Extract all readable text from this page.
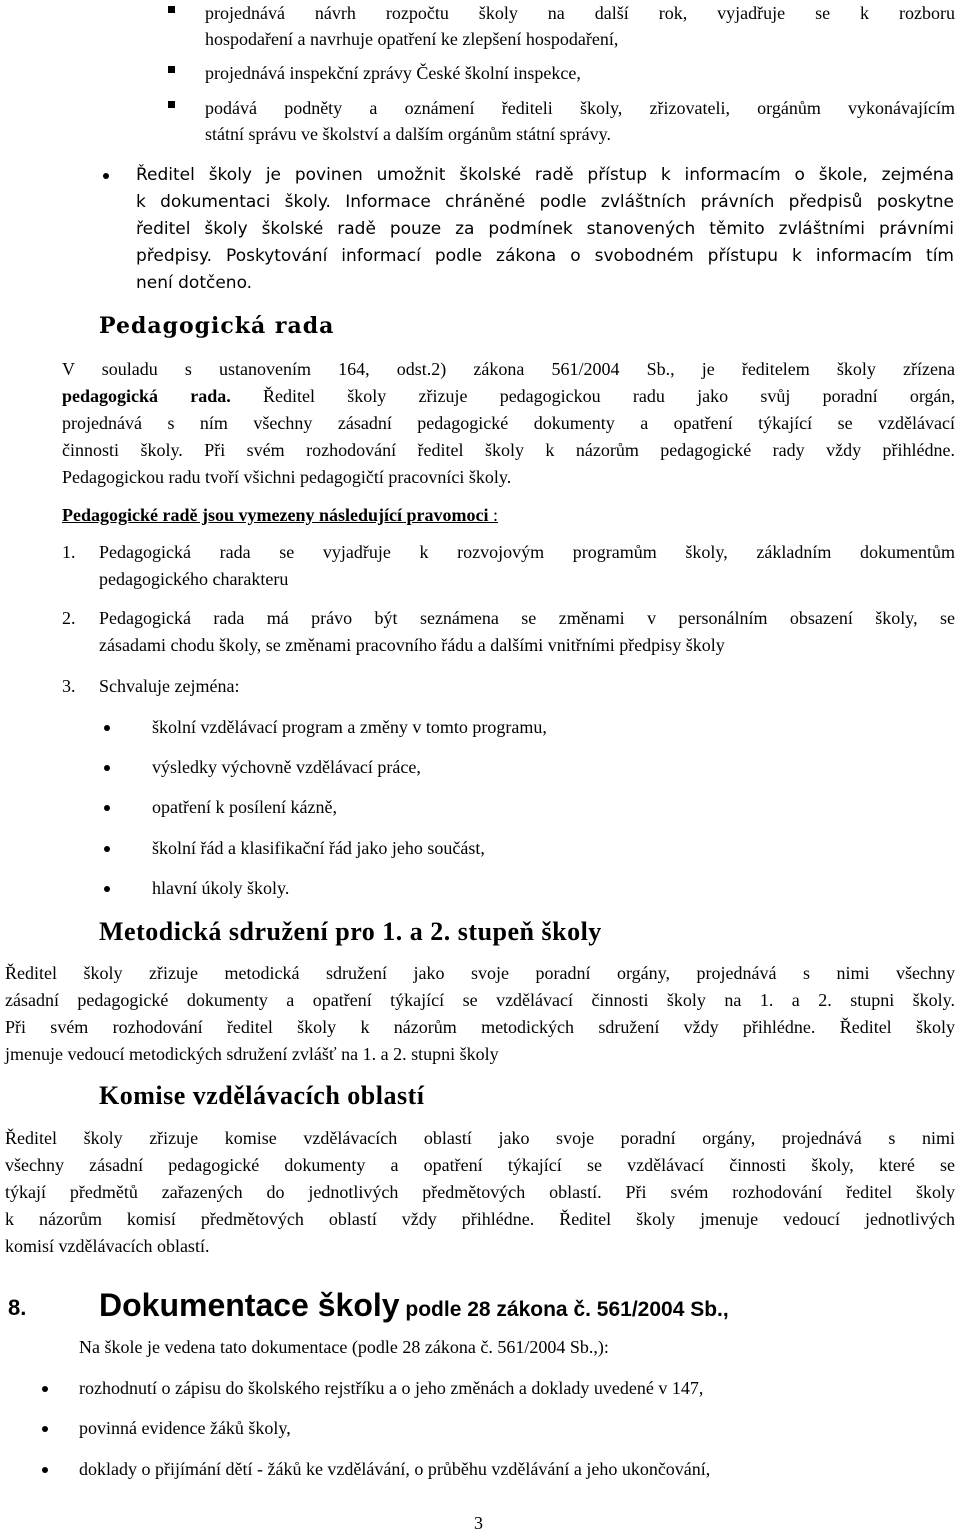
projednává návrh rozpočtu školy na další rok, vyjadřuje se k rozboru

hospodaření a navrhuje opatření ke zlepšení hospodaření,

projednává inspekční zprávy České školní inspekce,

podává podněty a oznámení řediteli školy, zřizovateli, orgánům vykonávajícím

státní správu ve školství a dalším orgánům státní správy.

Ředitel školy je povinen umožnit školské radě přístup k informacím o škole, zejména
k dokumentaci školy. Informace chráněné podle zvláštních právních předpisů poskytne
ředitel školy školské radě pouze za podmínek stanovených těmito zvláštními právními
předpisy. Poskytování informací podle zákona o svobodném přístupu k informacím tím
není dotčeno.
Pedagogická rada
V souladu s ustanovením 164, odst.2) zákona 561/2004 Sb., je ředitelem školy zřízena
pedagogická rada. Ředitel školy zřizuje pedagogickou radu jako svůj poradní orgán,
projednává s ním všechny zásadní pedagogické dokumenty a opatření týkající se vzdělávací
činnosti školy. Při svém rozhodování ředitel školy k názorům pedagogické rady vždy přihlédne.
Pedagogickou radu tvoří všichni pedagogičtí pracovníci školy.
Pedagogické radě jsou vymezeny následující pravomoci :
1. Pedagogická rada se vyjadřuje k rozvojovým programům školy, základním dokumentům
pedagogického charakteru
2. Pedagogická rada má právo být seznámena se změnami v personálním obsazení školy, se
zásadami chodu školy, se změnami pracovního řádu a dalšími vnitřními předpisy školy
3. Schvaluje zejména:
školní vzdělávací program a změny v tomto programu,
výsledky výchovně vzdělávací práce,
opatření k posílení kázně,
školní řád a klasifikační řád jako jeho součást,
hlavní úkoly školy.
Metodická sdružení pro 1. a 2. stupeň školy
Ředitel školy zřizuje metodická sdružení jako svoje poradní orgány, projednává s nimi všechny
zásadní pedagogické dokumenty a opatření týkající se vzdělávací činnosti školy na 1. a 2. stupni školy.
Při svém rozhodování ředitel školy k názorům metodických sdružení vždy přihlédne. Ředitel školy
jmenuje vedoucí metodických sdružení zvlášť na 1. a 2. stupni školy
Komise vzdělávacích oblastí
Ředitel školy zřizuje komise vzdělávacích oblastí jako svoje poradní orgány, projednává s nimi
všechny zásadní pedagogické dokumenty a opatření týkající se vzdělávací činnosti školy, které se
týkají předmětů zařazených do jednotlivých předmětových oblastí. Při svém rozhodování ředitel školy
k názorům komisí předmětových oblastí vždy přihlédne. Ředitel školy jmenuje vedoucí jednotlivých
komisí vzdělávacích oblastí.
8. Dokumentace školy podle 28 zákona č. 561/2004 Sb.,
Na škole je vedena tato dokumentace (podle 28 zákona č. 561/2004 Sb.,):
rozhodnutí o zápisu do školského rejstříku a o jeho změnách a doklady uvedené v 147,
povinná evidence žáků školy,
doklady o přijímání dětí - žáků ke vzdělávání, o průběhu vzdělávání a jeho ukončování,
3
